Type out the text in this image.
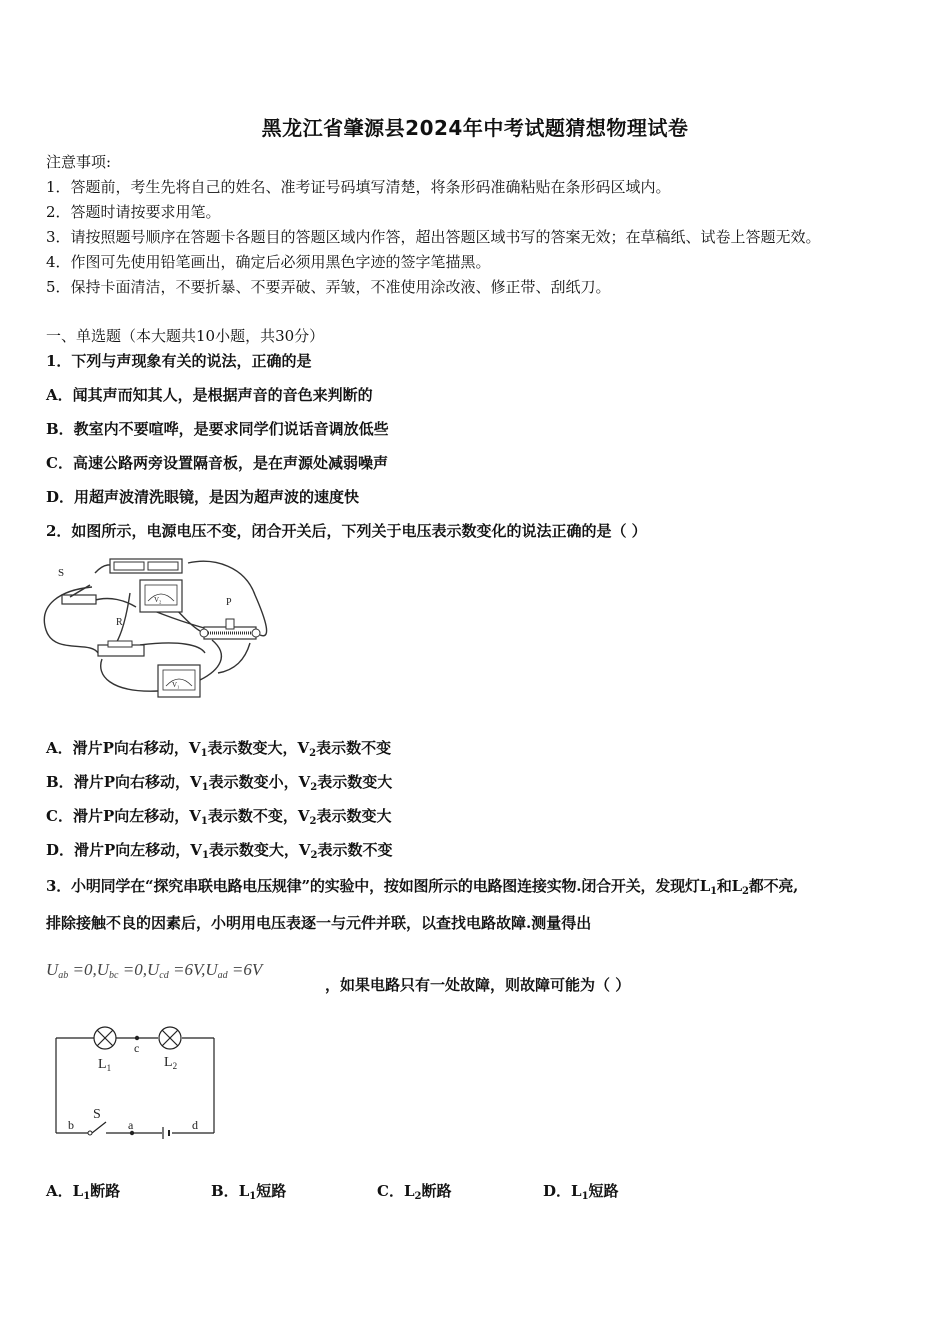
黑龙江省肇源县2024年中考试题猜想物理试卷
注意事项:
1．答题前，考生先将自己的姓名、准考证号码填写清楚，将条形码准确粘贴在条形码区域内。
2．答题时请按要求用笔。
3．请按照题号顺序在答题卡各题目的答题区域内作答，超出答题区域书写的答案无效；在草稿纸、试卷上答题无效。
4．作图可先使用铅笔画出，确定后必须用黑色字迹的签字笔描黑。
5．保持卡面清洁，不要折暴、不要弄破、弄皱，不准使用涂改液、修正带、刮纸刀。
一、单选题（本大题共10小题，共30分）
1．下列与声现象有关的说法，正确的是
A．闻其声而知其人，是根据声音的音色来判断的
B．教室内不要喧哗，是要求同学们说话音调放低些
C．高速公路两旁设置隔音板，是在声源处减弱噪声
D．用超声波清洗眼镜，是因为超声波的速度快
2．如图所示，电源电压不变，闭合开关后，下列关于电压表示数变化的说法正确的是（ ）
S
V₂
R
P
V₁
A．滑片P向右移动，$V_1$表示数变大，$V_2$表示数不变
B．滑片P向右移动，$V_1$表示数变小，$V_2$表示数变大
C．滑片P向左移动，$V_1$表示数不变，$V_2$表示数变大
D．滑片P向左移动，$V_1$表示数变大，$V_2$表示数不变
3．小明同学在“探究串联电路电压规律”的实验中，按如图所示的电路图连接实物.闭合开关，发现灯$L_1$和$L_2$都不亮,
排除接触不良的因素后，小明用电压表逐一与元件并联，以查找电路故障.测量得出
$U_{ab} =0,U_{bc} =0,U_{cd} =6V,U_{ad} =6V$
，如果电路只有一处故障，则故障可能为（ ）
$L_1$	$L_2$
c
b
S
a	d
A．$L_1$断路	B．$L_1$短路	C．$L_2$断路	D．$L_1$短路
